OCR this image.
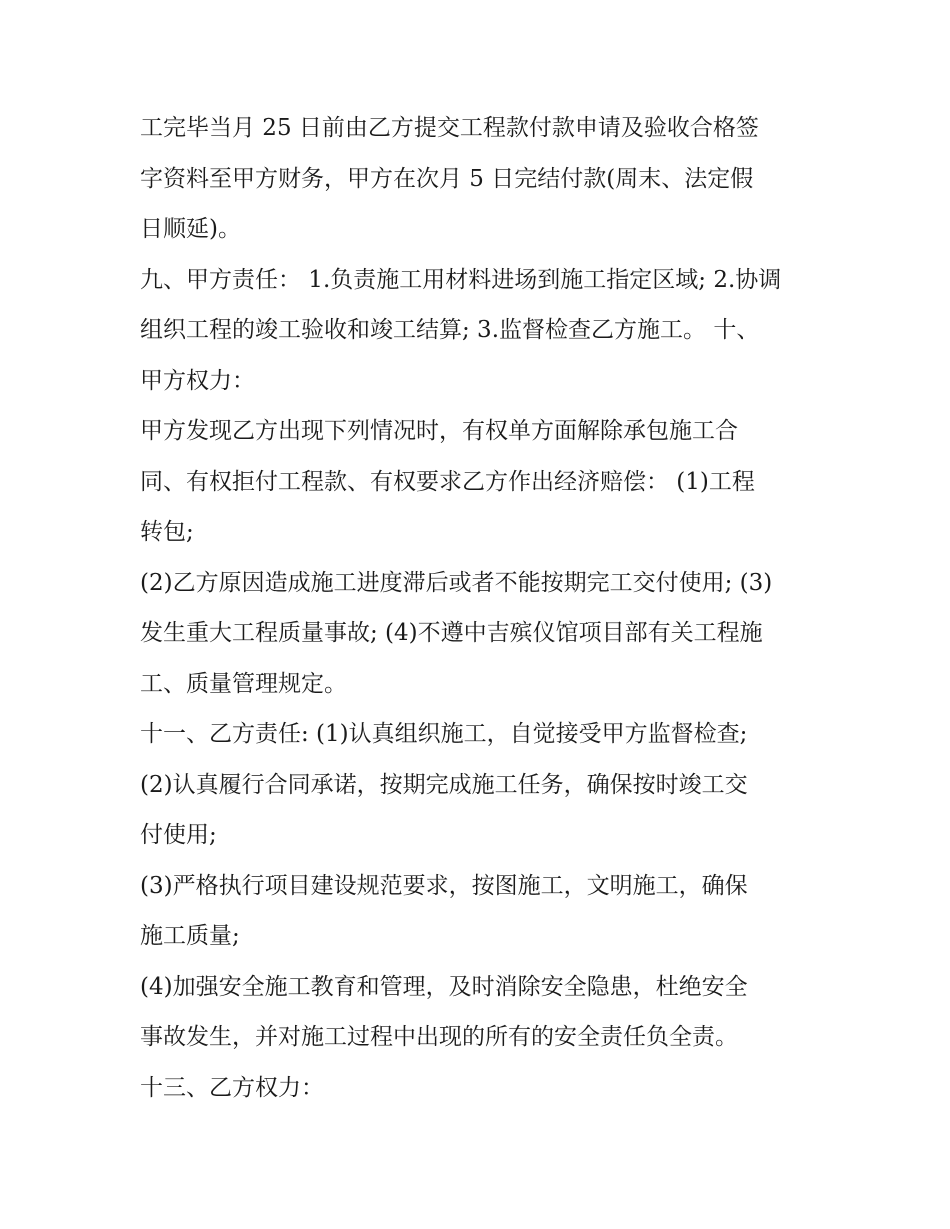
工完毕当月 25 日前由乙方提交工程款付款申请及验收合格签
字资料至甲方财务，甲方在次月 5 日完结付款(周末、法定假
日顺延)。
九、甲方责任： 1.负责施工用材料进场到施工指定区域; 2.协调
组织工程的竣工验收和竣工结算; 3.监督检查乙方施工。 十、
甲方权力：
甲方发现乙方出现下列情况时，有权单方面解除承包施工合
同、有权拒付工程款、有权要求乙方作出经济赔偿： (1)工程
转包;
(2)乙方原因造成施工进度滞后或者不能按期完工交付使用; (3)
发生重大工程质量事故; (4)不遵中吉殡仪馆项目部有关工程施
工、质量管理规定。
十一、乙方责任: (1)认真组织施工，自觉接受甲方监督检查;
(2)认真履行合同承诺，按期完成施工任务，确保按时竣工交
付使用;
(3)严格执行项目建设规范要求，按图施工，文明施工，确保
施工质量;
(4)加强安全施工教育和管理，及时消除安全隐患，杜绝安全
事故发生，并对施工过程中出现的所有的安全责任负全责。
十三、乙方权力：
